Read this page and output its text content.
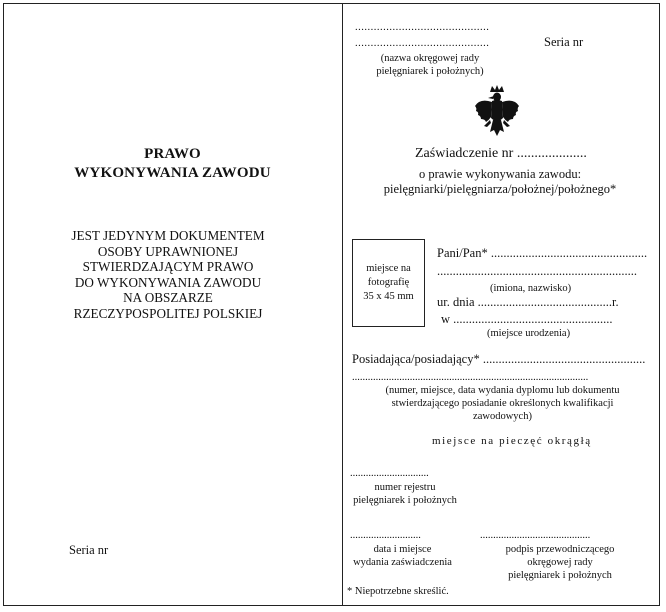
PRAWO
WYKONYWANIA ZAWODU
JEST JEDYNYM DOKUMENTEM
OSOBY UPRAWNIONEJ
STWIERDZAJĄCYM PRAWO
DO WYKONYWANIA ZAWODU
NA OBSZARZE
RZECZYPOSPOLITEJ POLSKIEJ
Seria nr
...........................................
...........................................	Seria nr
(nazwa okręgowej rady
pielęgniarek i położnych)
Zaświadczenie nr ....................
o prawie wykonywania zawodu:
pielęgniarki/pielęgniarza/położnej/położnego*
miejsce na
fotografię
35 x 45 mm
Pani/Pan* ..................................................
................................................................
(imiona, nazwisko)
ur. dnia ...........................................r.
w ...................................................
(miejsce urodzenia)
Posiadająca/posiadający* ....................................................
..........................................................................................
(numer, miejsce, data wydania dyplomu lub dokumentu
stwierdzającego posiadanie określonych kwalifikacji
zawodowych)
miejsce na pieczęć okrągłą
..............................
numer rejestru
pielęgniarek i położnych
...........................
data i miejsce
wydania zaświadczenia
..........................................
podpis przewodniczącego
okręgowej rady
pielęgniarek i położnych
* Niepotrzebne skreślić.
